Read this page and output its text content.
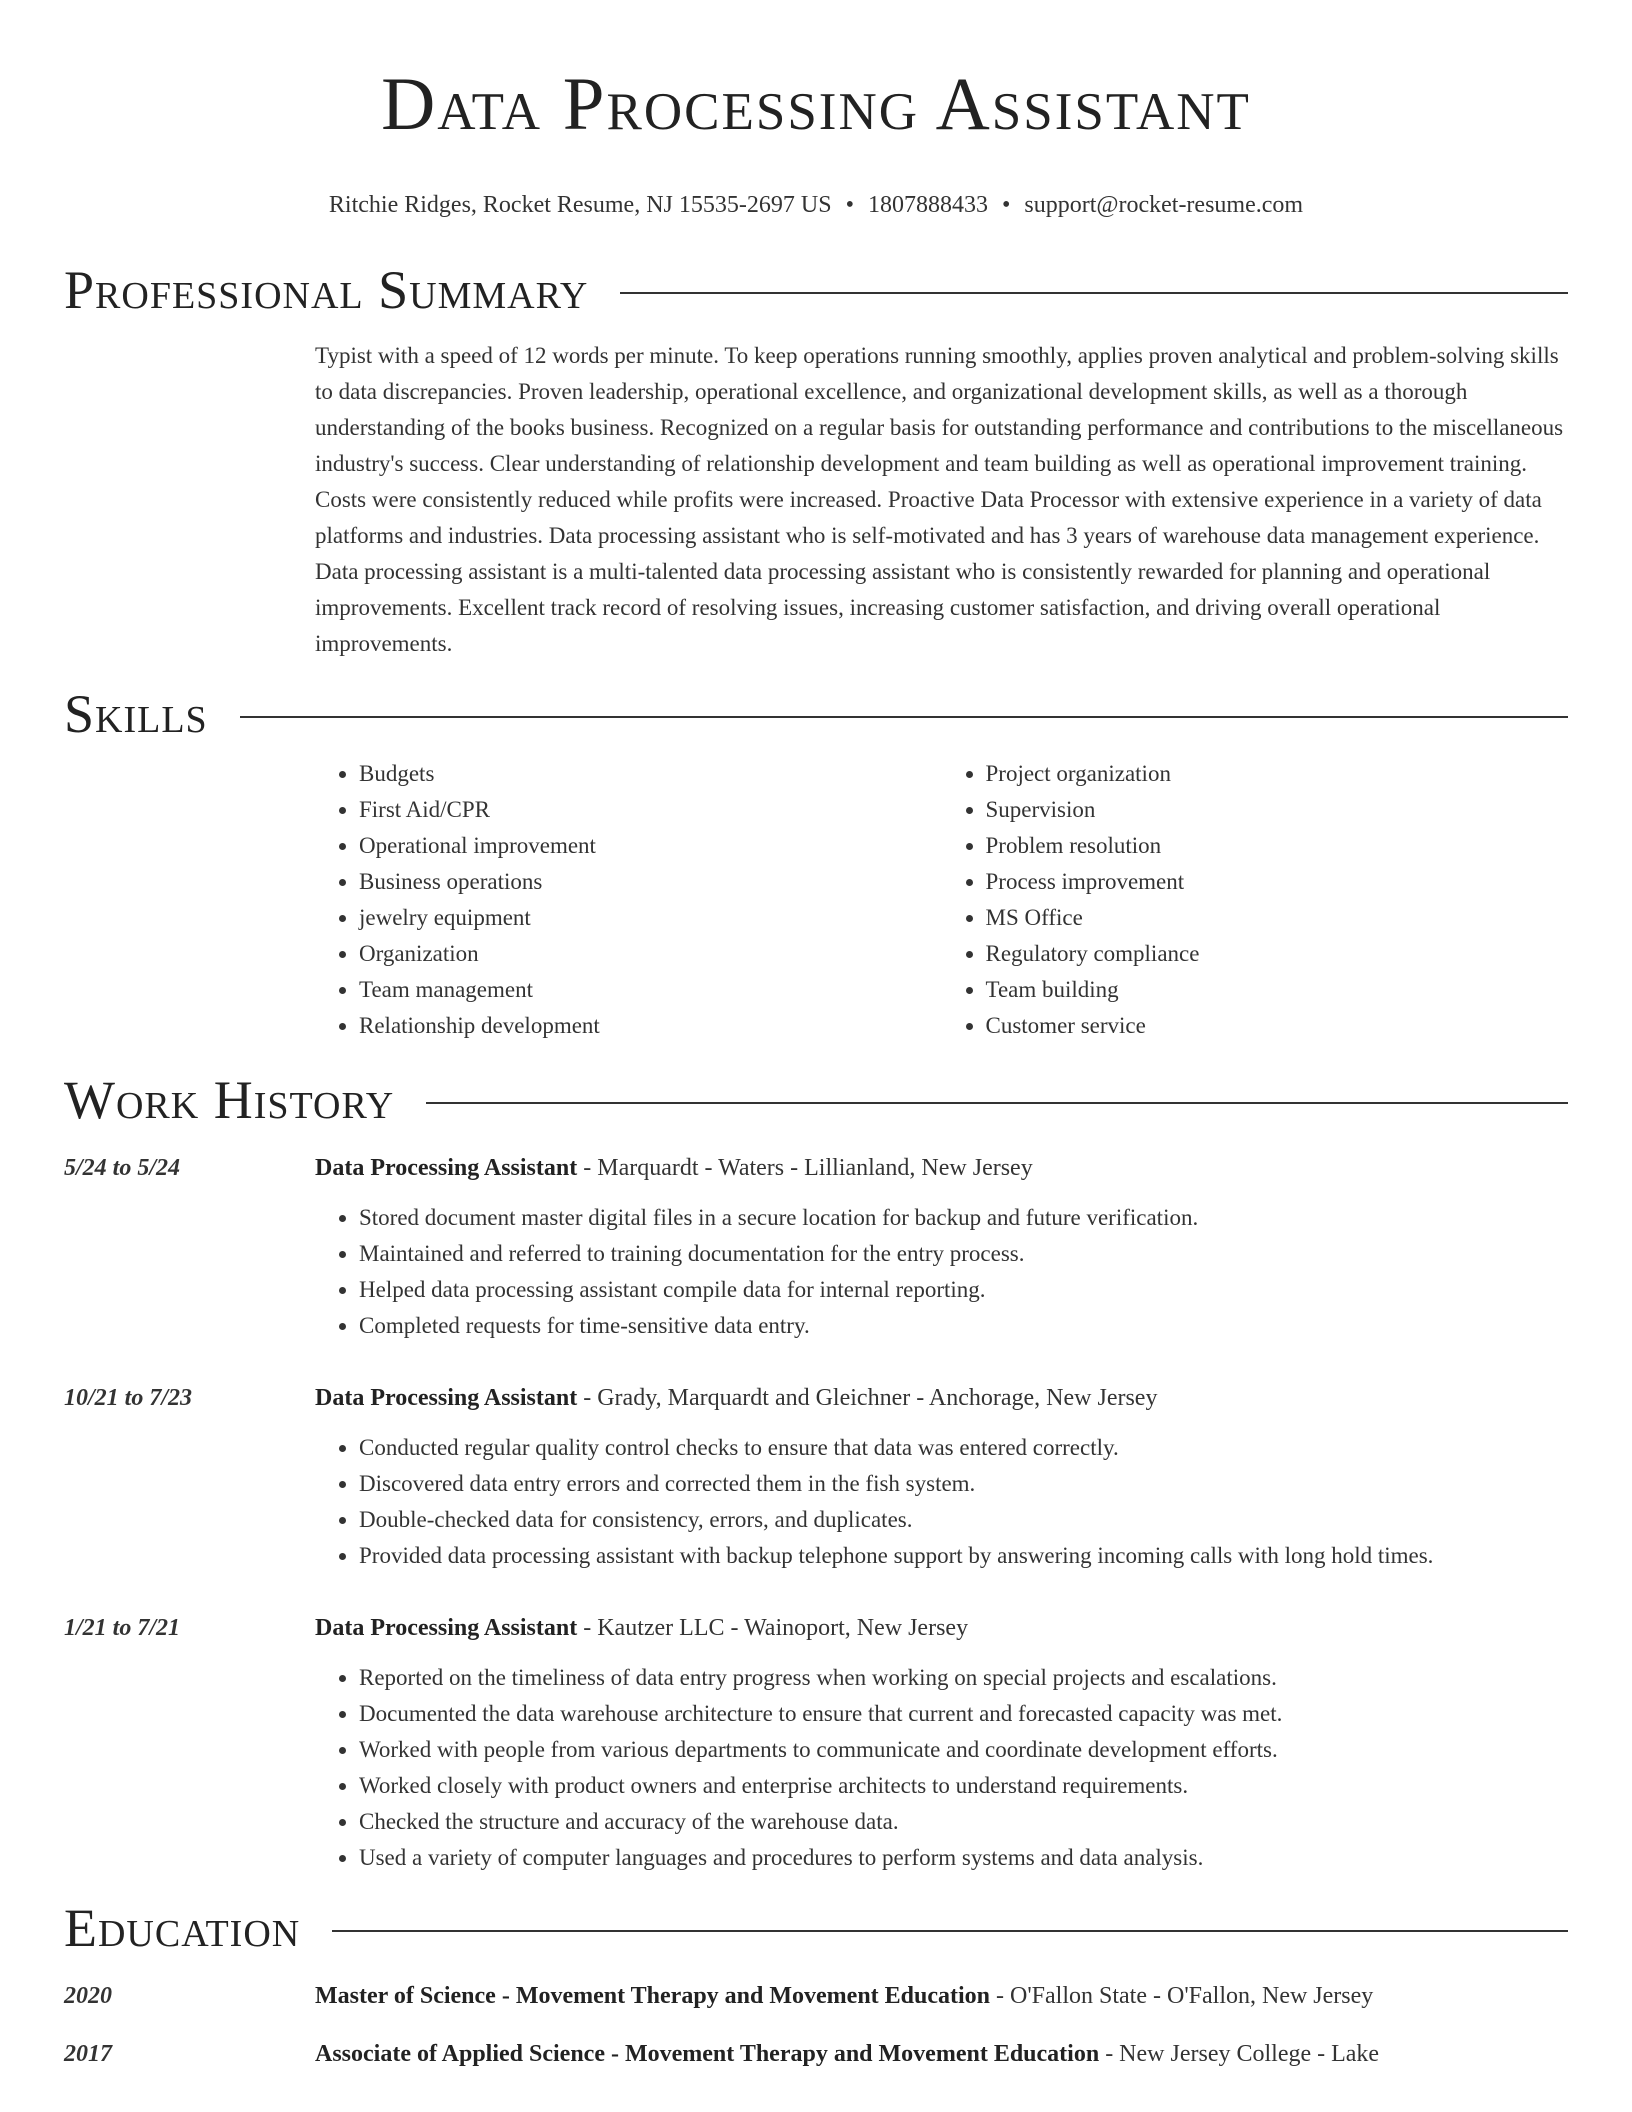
Data Processing Assistant
Ritchie Ridges, Rocket Resume, NJ 15535-2697 US • 1807888433 • support@rocket-resume.com
Professional Summary

Typist with a speed of 12 words per minute. To keep operations running smoothly, applies proven analytical and problem-solving skills to data discrepancies. Proven leadership, operational excellence, and organizational development skills, as well as a thorough understanding of the books business. Recognized on a regular basis for outstanding performance and contributions to the miscellaneous industry's success. Clear understanding of relationship development and team building as well as operational improvement training. Costs were consistently reduced while profits were increased. Proactive Data Processor with extensive experience in a variety of data platforms and industries. Data processing assistant who is self-motivated and has 3 years of warehouse data management experience. Data processing assistant is a multi-talented data processing assistant who is consistently rewarded for planning and operational improvements. Excellent track record of resolving issues, increasing customer satisfaction, and driving overall operational improvements.

Skills
• Budgets
• First Aid/CPR
• Operational improvement
• Business operations
• jewelry equipment
• Organization
• Team management
• Relationship development
• Project organization
• Supervision
• Problem resolution
• Process improvement
• MS Office
• Regulatory compliance
• Team building
• Customer service
Work History
5/24 to 5/24	Data Processing Assistant - Marquardt - Waters - Lillianland, New Jersey
• Stored document master digital files in a secure location for backup and future verification.
• Maintained and referred to training documentation for the entry process.
• Helped data processing assistant compile data for internal reporting.
• Completed requests for time-sensitive data entry.
10/21 to 7/23	Data Processing Assistant - Grady, Marquardt and Gleichner - Anchorage, New Jersey
• Conducted regular quality control checks to ensure that data was entered correctly.
• Discovered data entry errors and corrected them in the fish system.
• Double-checked data for consistency, errors, and duplicates.
• Provided data processing assistant with backup telephone support by answering incoming calls with long hold times.
1/21 to 7/21	Data Processing Assistant - Kautzer LLC - Wainoport, New Jersey
• Reported on the timeliness of data entry progress when working on special projects and escalations.
• Documented the data warehouse architecture to ensure that current and forecasted capacity was met.
• Worked with people from various departments to communicate and coordinate development efforts.
• Worked closely with product owners and enterprise architects to understand requirements.
• Checked the structure and accuracy of the warehouse data.
• Used a variety of computer languages and procedures to perform systems and data analysis.
Education
2020	Master of Science - Movement Therapy and Movement Education - O'Fallon State - O'Fallon, New Jersey
2017	Associate of Applied Science - Movement Therapy and Movement Education - New Jersey College - Lake
